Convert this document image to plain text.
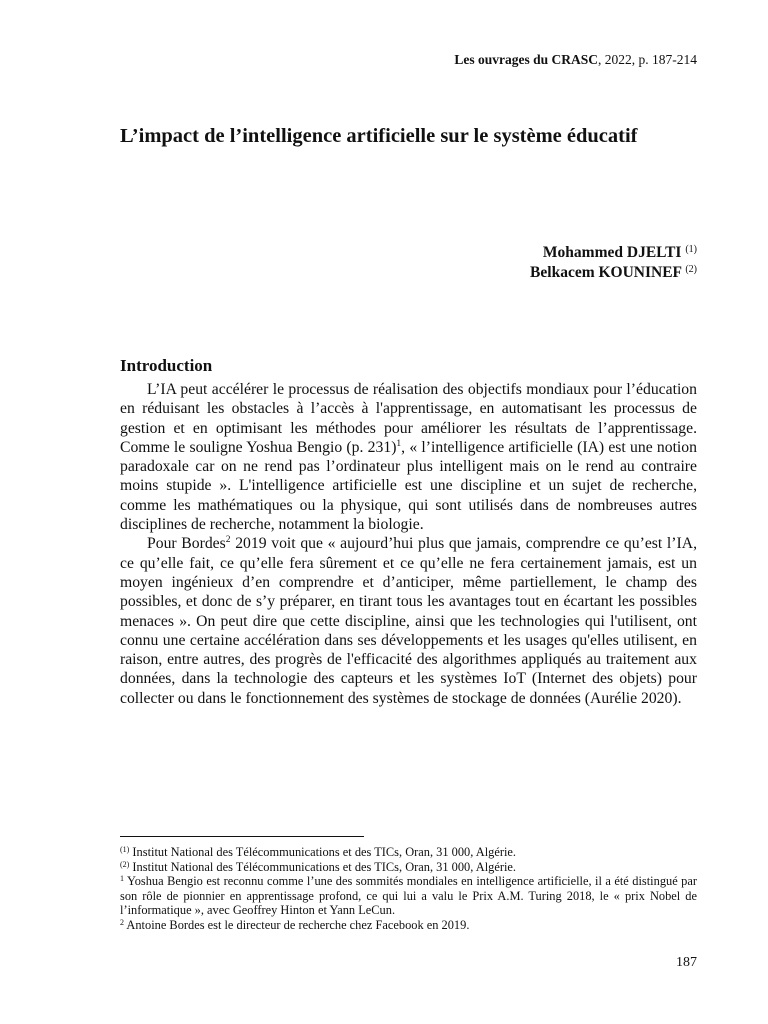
Les ouvrages du CRASC, 2022, p. 187-214
L’impact de l’intelligence artificielle sur le système éducatif
Mohammed DJELTI $^{(1)}$
Belkacem KOUNINEF $^{(2)}$
Introduction

L’IA peut accélérer le processus de réalisation des objectifs mondiaux pour l’éducation en réduisant les obstacles à l’accès à l'apprentissage, en automatisant les processus de gestion et en optimisant les méthodes pour améliorer les résultats de l’apprentissage. Comme le souligne Yoshua Bengio (p. 231)$^1$, « l’intelligence artificielle (IA) est une notion paradoxale car on ne rend pas l’ordinateur plus intelligent mais on le rend au contraire moins stupide ». L'intelligence artificielle est une discipline et un sujet de recherche, comme les mathématiques ou la physique, qui sont utilisés dans de nombreuses autres disciplines de recherche, notamment la biologie.

Pour Bordes$^2$ 2019 voit que « aujourd’hui plus que jamais, comprendre ce qu’est l’IA, ce qu’elle fait, ce qu’elle fera sûrement et ce qu’elle ne fera certainement jamais, est un moyen ingénieux d’en comprendre et d’anticiper, même partiellement, le champ des possibles, et donc de s’y préparer, en tirant tous les avantages tout en écartant les possibles menaces ». On peut dire que cette discipline, ainsi que les technologies qui l'utilisent, ont connu une certaine accélération dans ses développements et les usages qu'elles utilisent, en raison, entre autres, des progrès de l'efficacité des algorithmes appliqués au traitement aux données, dans la technologie des capteurs et les systèmes IoT (Internet des objets) pour collecter ou dans le fonctionnement des systèmes de stockage de données (Aurélie 2020).

$^{(1)}$ Institut National des Télécommunications et des TICs, Oran, 31 000, Algérie.

$^{(2)}$ Institut National des Télécommunications et des TICs, Oran, 31 000, Algérie.

$^1$ Yoshua Bengio est reconnu comme l’une des sommités mondiales en intelligence artificielle, il a été distingué par son rôle de pionnier en apprentissage profond, ce qui lui a valu le Prix A.M. Turing 2018, le « prix Nobel de l’informatique », avec Geoffrey Hinton et Yann LeCun.

$^2$ Antoine Bordes est le directeur de recherche chez Facebook en 2019.

187
